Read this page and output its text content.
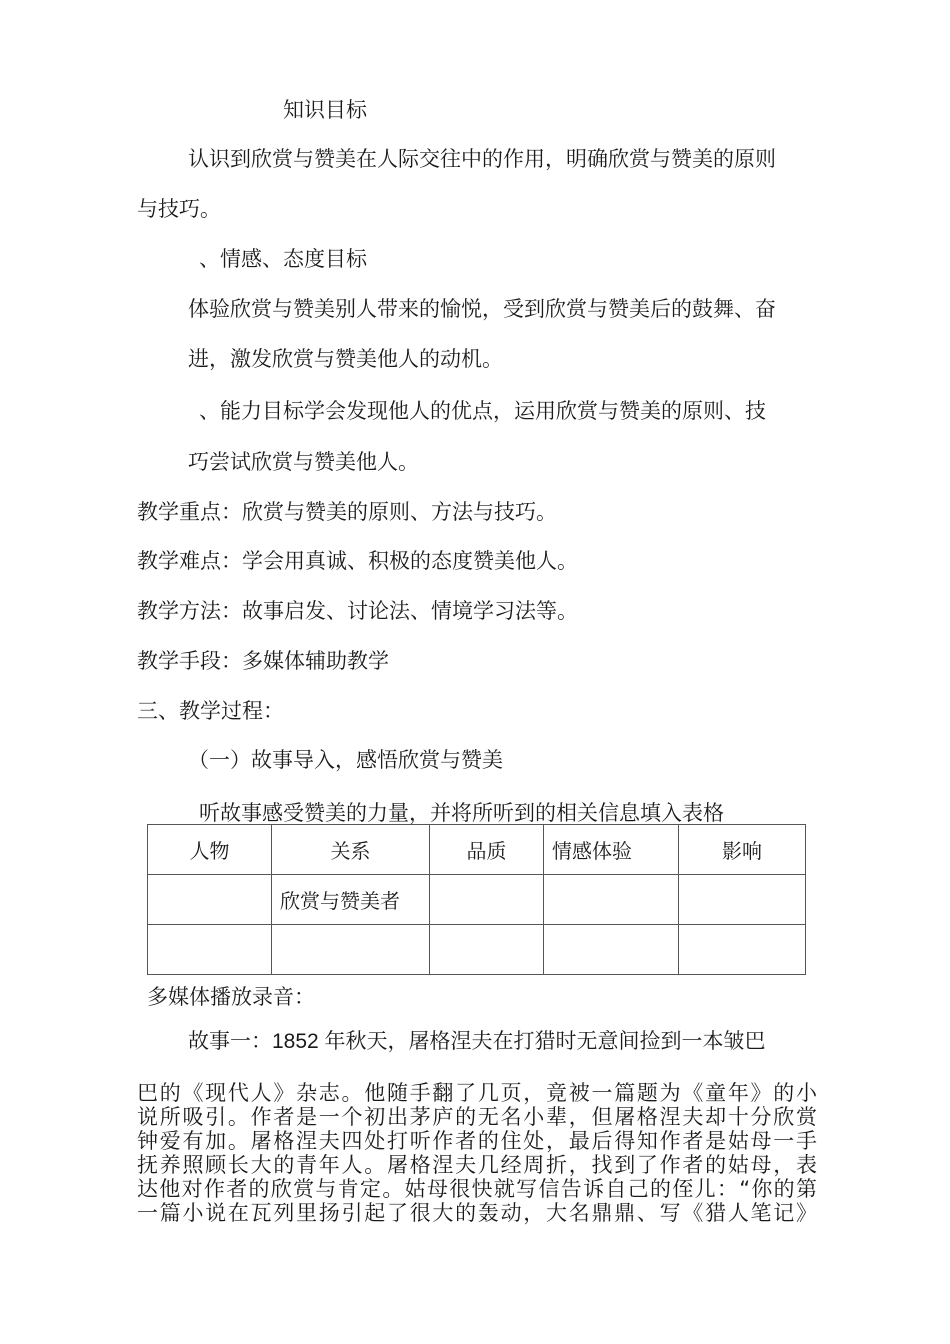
知识目标
认识到欣赏与赞美在人际交往中的作用，明确欣赏与赞美的原则
与技巧。
、情感、态度目标
体验欣赏与赞美别人带来的愉悦，受到欣赏与赞美后的鼓舞、奋
进，激发欣赏与赞美他人的动机。
、能力目标学会发现他人的优点，运用欣赏与赞美的原则、技
巧尝试欣赏与赞美他人。
教学重点：欣赏与赞美的原则、方法与技巧。
教学难点：学会用真诚、积极的态度赞美他人。
教学方法：故事启发、讨论法、情境学习法等。
教学手段：多媒体辅助教学
三、教学过程：
（一）故事导入，感悟欣赏与赞美
听故事感受赞美的力量，并将所听到的相关信息填入表格
人物	关系	品质	情感体验	影响

	欣赏与赞美者			

多媒体播放录音：
故事一：1852 年秋天，屠格涅夫在打猎时无意间捡到一本皱巴
巴的《现代人》杂志。他随手翻了几页，竟被一篇题为《童年》的小
说所吸引。作者是一个初出茅庐的无名小辈，但屠格涅夫却十分欣赏
钟爱有加。屠格涅夫四处打听作者的住处，最后得知作者是姑母一手
抚养照顾长大的青年人。屠格涅夫几经周折，找到了作者的姑母，表
达他对作者的欣赏与肯定。姑母很快就写信告诉自己的侄儿：“你的第
一篇小说在瓦列里扬引起了很大的轰动，大名鼎鼎、写《猎人笔记》
